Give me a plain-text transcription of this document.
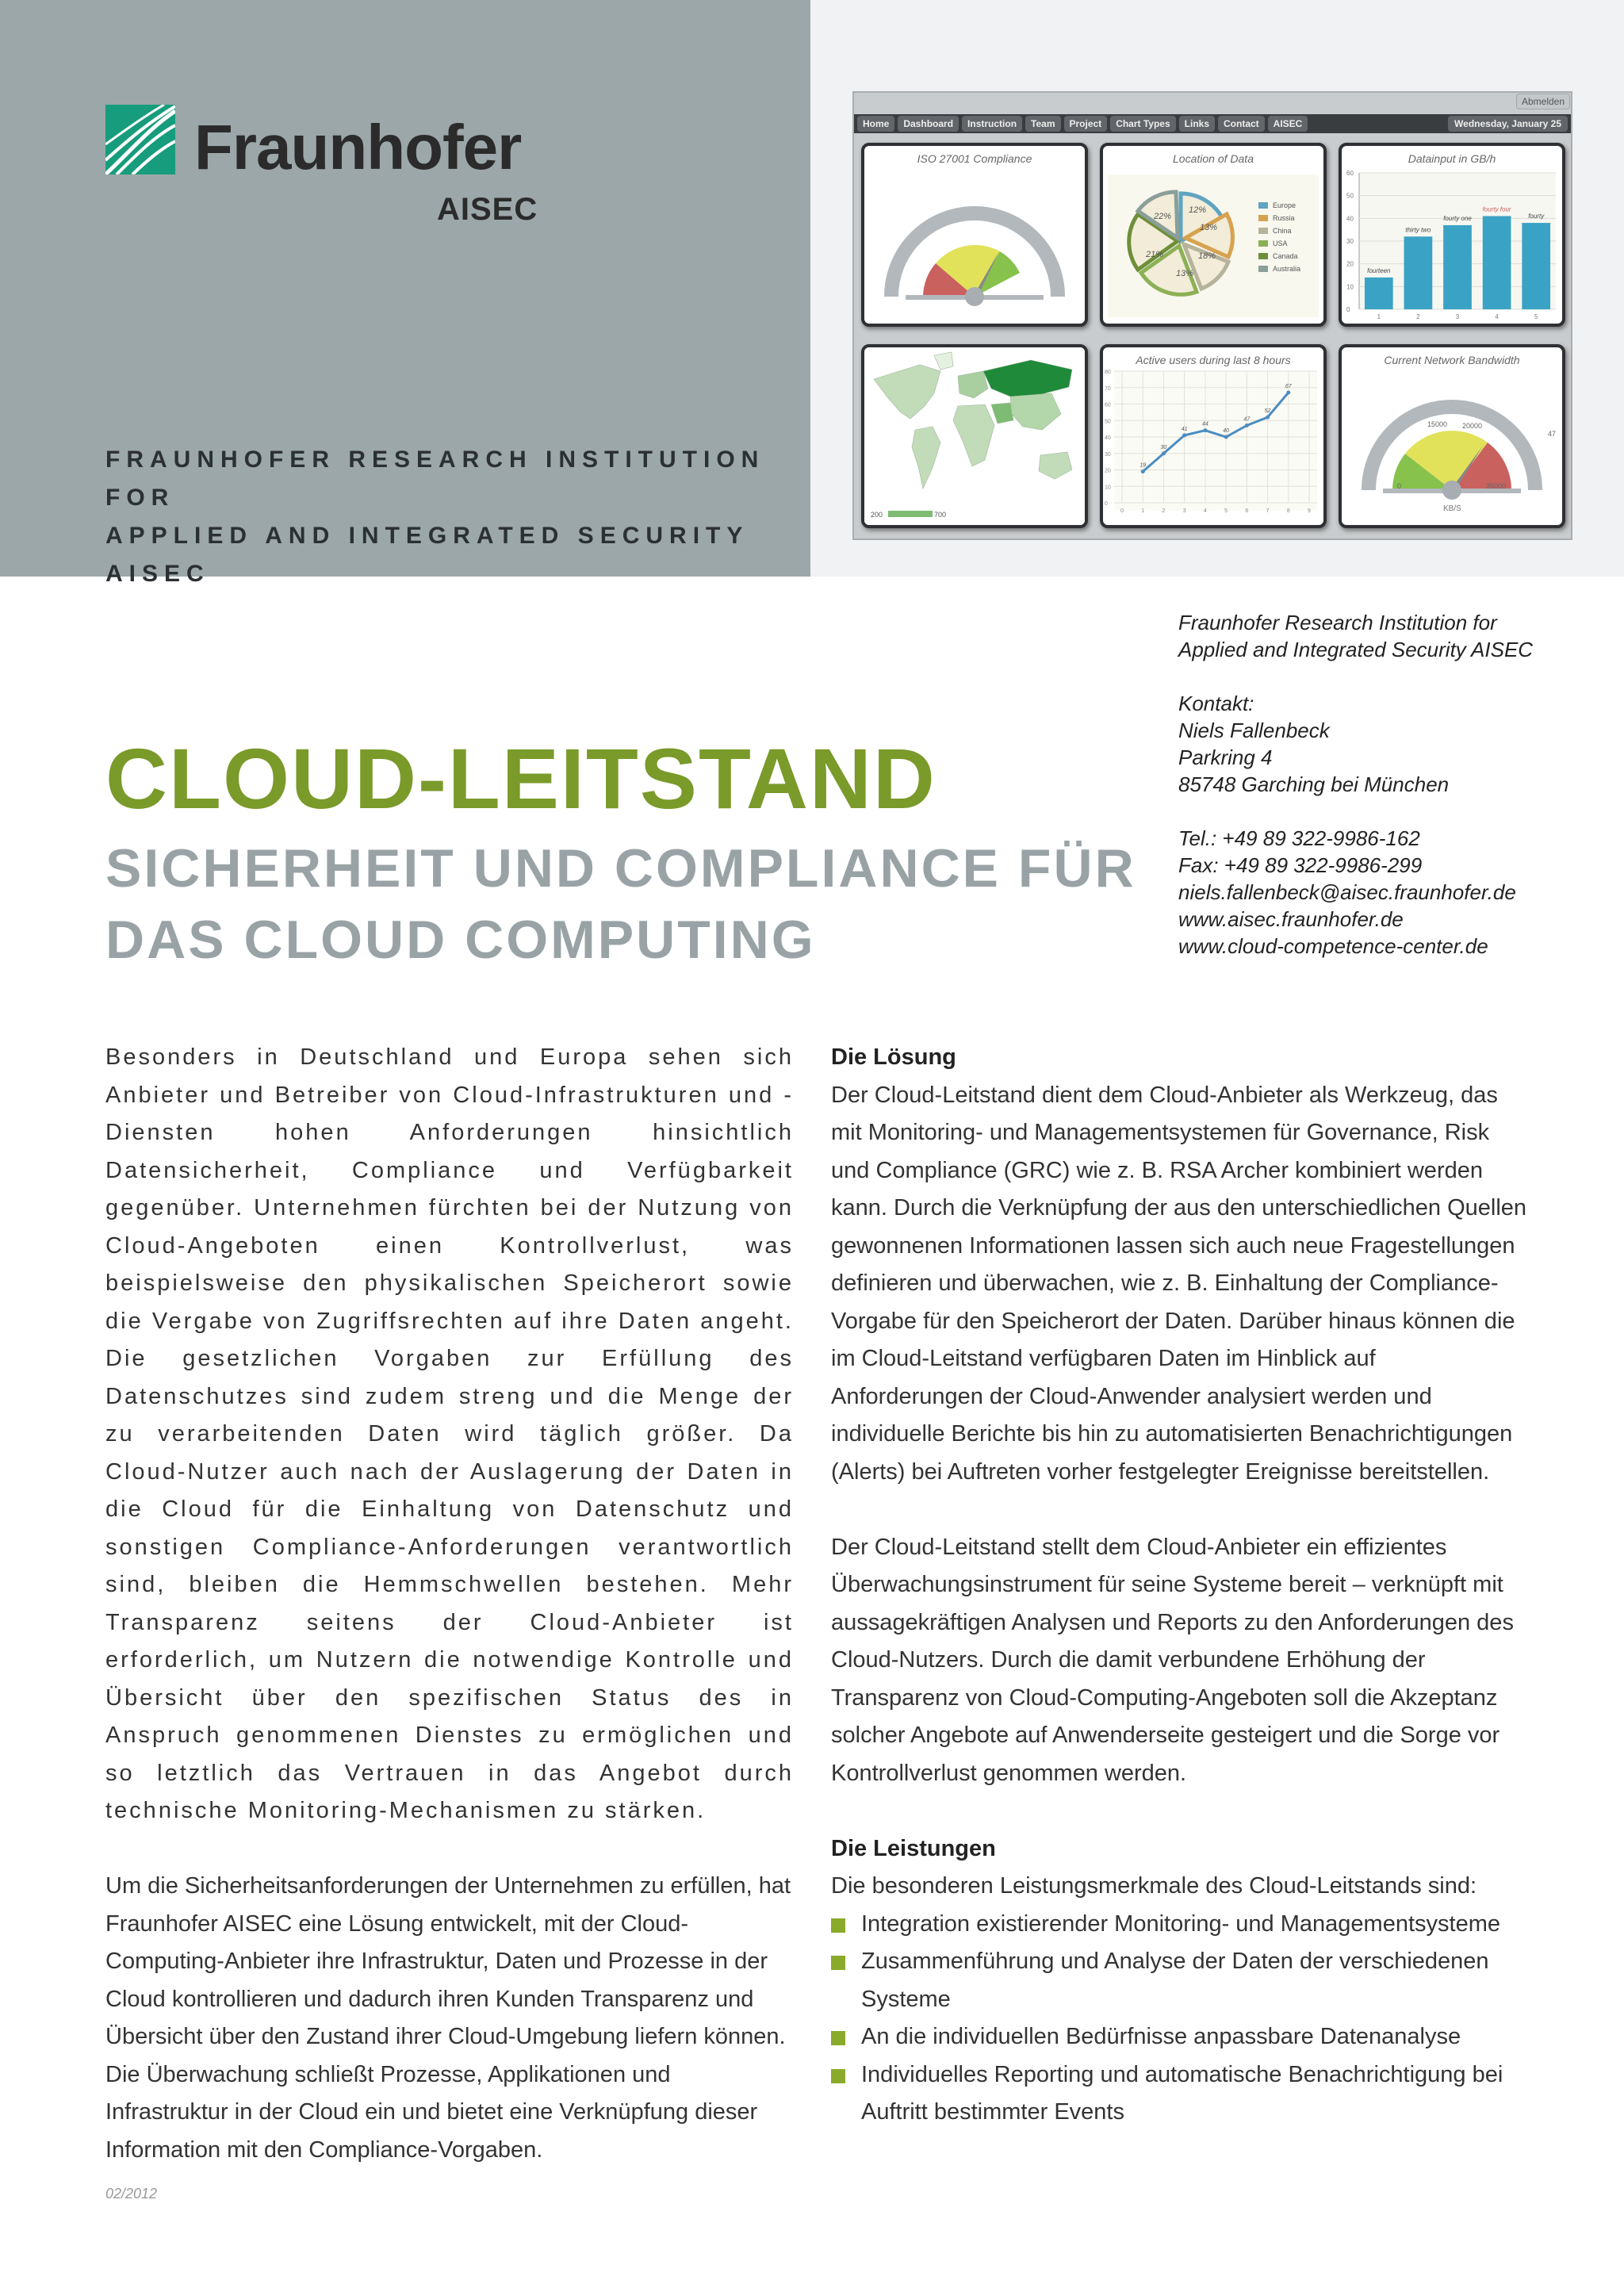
Fraunhofer
AISEC
FRAUNHOFER RESEARCH INSTITUTION FOR
APPLIED AND INTEGRATED SECURITY AISEC
Abmelden
Home	Dashboard	Instruction	Team	Project	Chart Types	Links	Contact	AISEC	Wednesday, January 25
ISO 27001 Compliance	Location of Data
22%
12%
13%
21%	18%
13%
Europe
Russia
China
USA
Canada
Australia
Datainput in GB/h
0
10
20
30
40
50
60
fourteen
1
thirty two
2
fourty one
3
fourty four
4
fourty
5
200	700
Active users during last 8 hours
0
10
20
30
40
50
60
70
80
0	1	2	3	4	5	6	7	8	9
19
30
41
44
40
47
52
67
Current Network Bandwidth
0
15000 20000
35000
47
KB/S
CLOUD-LEITSTAND
SICHERHEIT UND COMPLIANCE FÜR
DAS CLOUD COMPUTING
Fraunhofer Research Institution for
Applied and Integrated Security AISEC
Kontakt:
Niels Fallenbeck
Parkring 4
85748 Garching bei München
Tel.: +49 89 322-9986-162
Fax: +49 89 322-9986-299
niels.fallenbeck@aisec.fraunhofer.de
www.aisec.fraunhofer.de
www.cloud-competence-center.de

Besonders in Deutschland und Europa sehen sich Anbieter und Betreiber von Cloud-Infrastrukturen und -Diensten hohen Anforderungen hinsichtlich Datensicherheit, Compliance und Verfügbarkeit gegenüber. Unternehmen fürchten bei der Nutzung von Cloud-Angeboten einen Kontrollverlust, was beispielsweise den physikalischen Speicherort sowie die Vergabe von Zugriffsrechten auf ihre Daten angeht. Die gesetzlichen Vorgaben zur Erfüllung des Datenschutzes sind zudem streng und die Menge der zu verarbeitenden Daten wird täglich größer. Da Cloud-Nutzer auch nach der Auslagerung der Daten in die Cloud für die Einhaltung von Datenschutz und sonstigen Compliance-Anforderungen verantwortlich sind, bleiben die Hemmschwellen bestehen. Mehr Transparenz seitens der Cloud-Anbieter ist erforderlich, um Nutzern die notwendige Kontrolle und Übersicht über den spezifischen Status des in Anspruch genommenen Dienstes zu ermöglichen und so letztlich das Vertrauen in das Angebot durch technische Monitoring-Mechanismen zu stärken.

Um die Sicherheitsanforderungen der Unternehmen zu erfüllen, hat Fraunhofer AISEC eine Lösung entwickelt, mit der Cloud-Computing-Anbieter ihre Infrastruktur, Daten und Prozesse in der Cloud kontrollieren und dadurch ihren Kunden Transparenz und Übersicht über den Zustand ihrer Cloud-Umgebung liefern können. Die Überwachung schließt Prozesse, Applikationen und Infrastruktur in der Cloud ein und bietet eine Verknüpfung dieser Information mit den Compliance-Vorgaben.

Die Lösung

Der Cloud-Leitstand dient dem Cloud-Anbieter als Werkzeug, das mit Monitoring- und Managementsystemen für Governance, Risk und Compliance (GRC) wie z. B. RSA Archer kombiniert werden kann. Durch die Verknüpfung der aus den unterschiedlichen Quellen gewonnenen Informationen lassen sich auch neue Fragestellungen definieren und überwachen, wie z. B. Einhaltung der Compliance-Vorgabe für den Speicherort der Daten. Darüber hinaus können die im Cloud-Leitstand verfügbaren Daten im Hinblick auf Anforderungen der Cloud-Anwender analysiert werden und individuelle Berichte bis hin zu automatisierten Benachrichtigungen (Alerts) bei Auftreten vorher festgelegter Ereignisse bereitstellen.

Der Cloud-Leitstand stellt dem Cloud-Anbieter ein effizientes Überwachungsinstrument für seine Systeme bereit – verknüpft mit aussagekräftigen Analysen und Reports zu den Anforderungen des Cloud-Nutzers. Durch die damit verbundene Erhöhung der Transparenz von Cloud-Computing-Angeboten soll die Akzeptanz solcher Angebote auf Anwenderseite gesteigert und die Sorge vor Kontrollverlust genommen werden.

Die Leistungen

Die besonderen Leistungsmerkmale des Cloud-Leitstands sind:

Integration existierender Monitoring- und Managementsysteme
Zusammenführung und Analyse der Daten der verschiedenen Systeme
An die individuellen Bedürfnisse anpassbare Datenanalyse
Individuelles Reporting und automatische Benachrichtigung bei Auftritt bestimmter Events
02/2012
